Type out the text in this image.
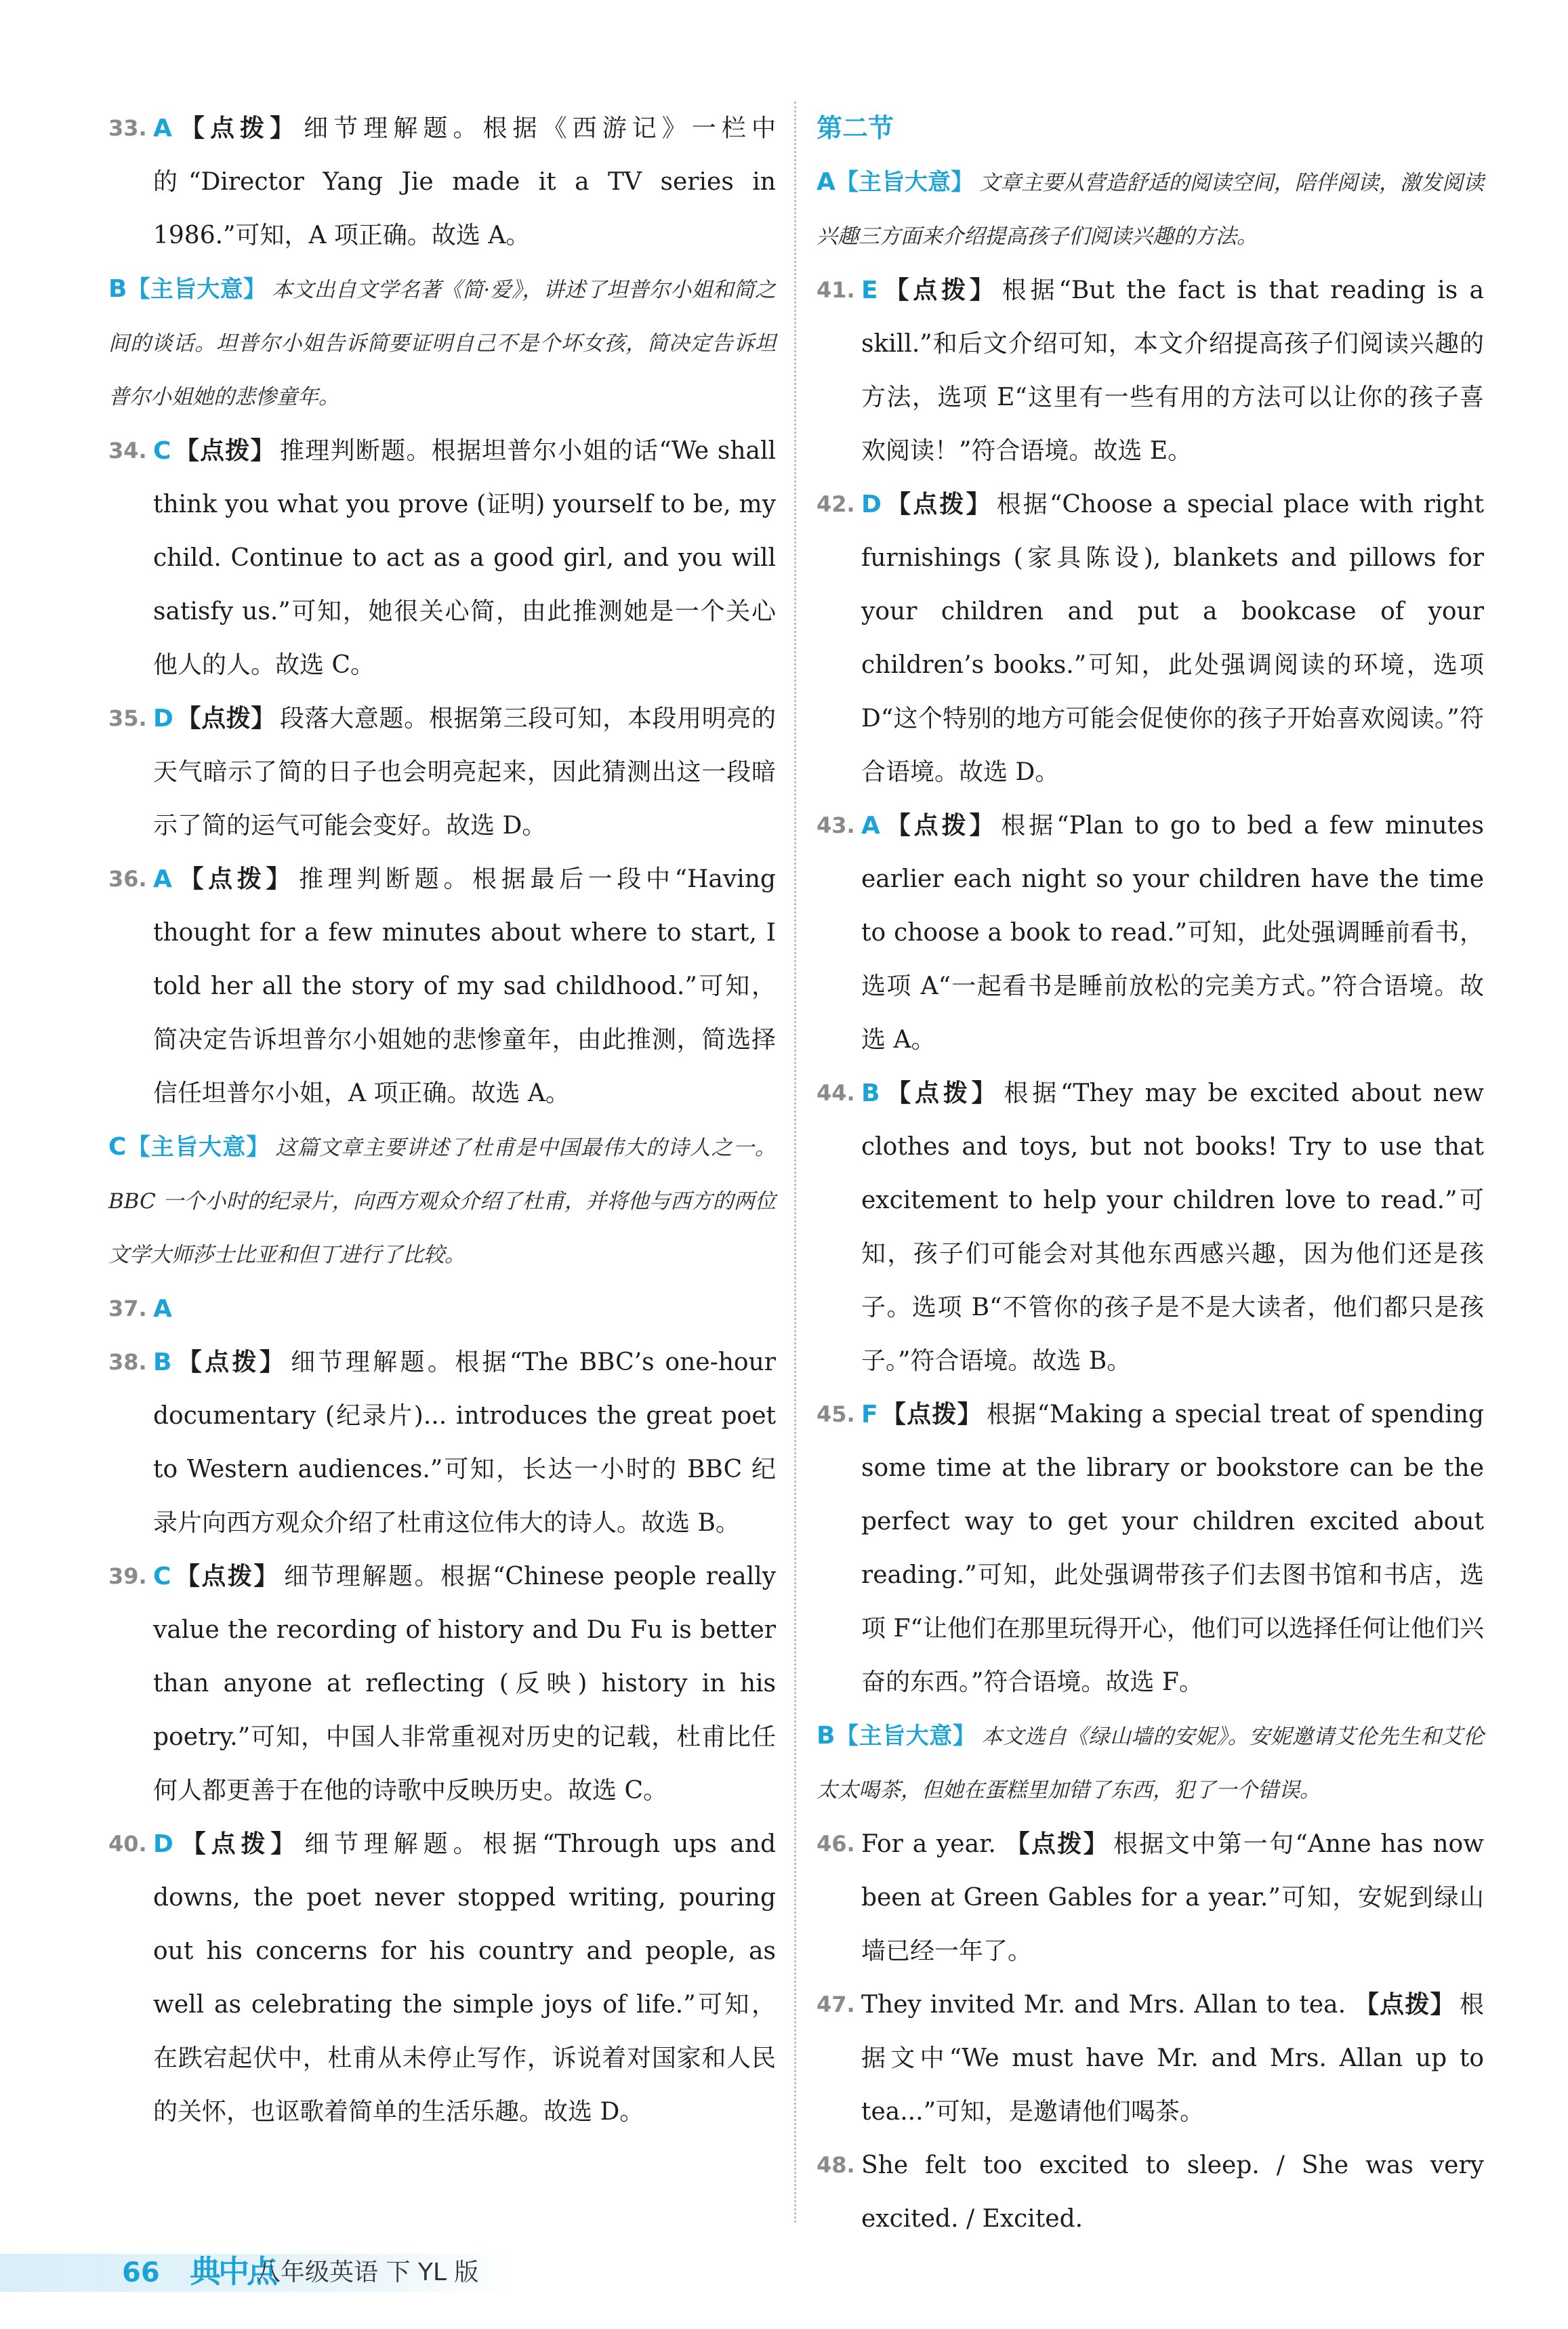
33. A 【点拨】 细节理解题。根据《西游记》一栏中的“Director Yang Jie made it a TV series in 1986.”可知，A 项正确。故选 A。
B【主旨大意】 本文出自文学名著《简·爱》，讲述了坦普尔小姐和简之间的谈话。坦普尔小姐告诉简要证明自己不是个坏女孩，简决定告诉坦普尔小姐她的悲惨童年。
34. C 【点拨】 推理判断题。根据坦普尔小姐的话“We shall think you what you prove (证明) yourself to be, my child. Continue to act as a good girl, and you will satisfy us.”可知，她很关心简，由此推测她是一个关心他人的人。故选 C。
35. D 【点拨】 段落大意题。根据第三段可知，本段用明亮的天气暗示了简的日子也会明亮起来，因此猜测出这一段暗示了简的运气可能会变好。故选 D。
36. A 【点拨】 推理判断题。根据最后一段中“Having thought for a few minutes about where to start, I told her all the story of my sad childhood.”可知，简决定告诉坦普尔小姐她的悲惨童年，由此推测，简选择信任坦普尔小姐，A 项正确。故选 A。
C【主旨大意】 这篇文章主要讲述了杜甫是中国最伟大的诗人之一。BBC 一个小时的纪录片，向西方观众介绍了杜甫，并将他与西方的两位文学大师莎士比亚和但丁进行了比较。
37. A
38. B 【点拨】 细节理解题。根据“The BBC’s one-hour documentary (纪录片)... introduces the great poet to Western audiences.”可知，长达一小时的 BBC 纪录片向西方观众介绍了杜甫这位伟大的诗人。故选 B。
39. C 【点拨】 细节理解题。根据“Chinese people really value the recording of history and Du Fu is better than anyone at reflecting (反映) history in his poetry.”可知，中国人非常重视对历史的记载，杜甫比任何人都更善于在他的诗歌中反映历史。故选 C。
40. D 【点拨】 细节理解题。根据“Through ups and downs, the poet never stopped writing, pouring out his concerns for his country and people, as well as celebrating the simple joys of life.”可知，在跌宕起伏中，杜甫从未停止写作，诉说着对国家和人民的关怀，也讴歌着简单的生活乐趣。故选 D。
第二节
A【主旨大意】 文章主要从营造舒适的阅读空间，陪伴阅读，激发阅读兴趣三方面来介绍提高孩子们阅读兴趣的方法。
41. E 【点拨】 根据“But the fact is that reading is a skill.”和后文介绍可知，本文介绍提高孩子们阅读兴趣的方法，选项 E“这里有一些有用的方法可以让你的孩子喜欢阅读！”符合语境。故选 E。
42. D 【点拨】 根据“Choose a special place with right furnishings (家具陈设), blankets and pillows for your children and put a bookcase of your children’s books.”可知，此处强调阅读的环境，选项 D“这个特别的地方可能会促使你的孩子开始喜欢阅读。”符合语境。故选 D。
43. A 【点拨】 根据“Plan to go to bed a few minutes earlier each night so your children have the time to choose a book to read.”可知，此处强调睡前看书，选项 A“一起看书是睡前放松的完美方式。”符合语境。故选 A。
44. B 【点拨】 根据“They may be excited about new clothes and toys, but not books! Try to use that excitement to help your children love to read.”可知，孩子们可能会对其他东西感兴趣，因为他们还是孩子。选项 B“不管你的孩子是不是大读者，他们都只是孩子。”符合语境。故选 B。
45. F 【点拨】 根据“Making a special treat of spending some time at the library or bookstore can be the perfect way to get your children excited about reading.”可知，此处强调带孩子们去图书馆和书店，选项 F“让他们在那里玩得开心，他们可以选择任何让他们兴奋的东西。”符合语境。故选 F。
B【主旨大意】 本文选自《绿山墙的安妮》。安妮邀请艾伦先生和艾伦太太喝茶，但她在蛋糕里加错了东西，犯了一个错误。
46. For a year. 【点拨】 根据文中第一句“Anne has now been at Green Gables for a year.”可知，安妮到绿山墙已经一年了。
47. They invited Mr. and Mrs. Allan to tea. 【点拨】 根据文中“We must have Mr. and Mrs. Allan up to tea...”可知，是邀请他们喝茶。
48. She felt too excited to sleep. / She was very excited. / Excited.
66 典中点
八年级英语 下 YL 版
